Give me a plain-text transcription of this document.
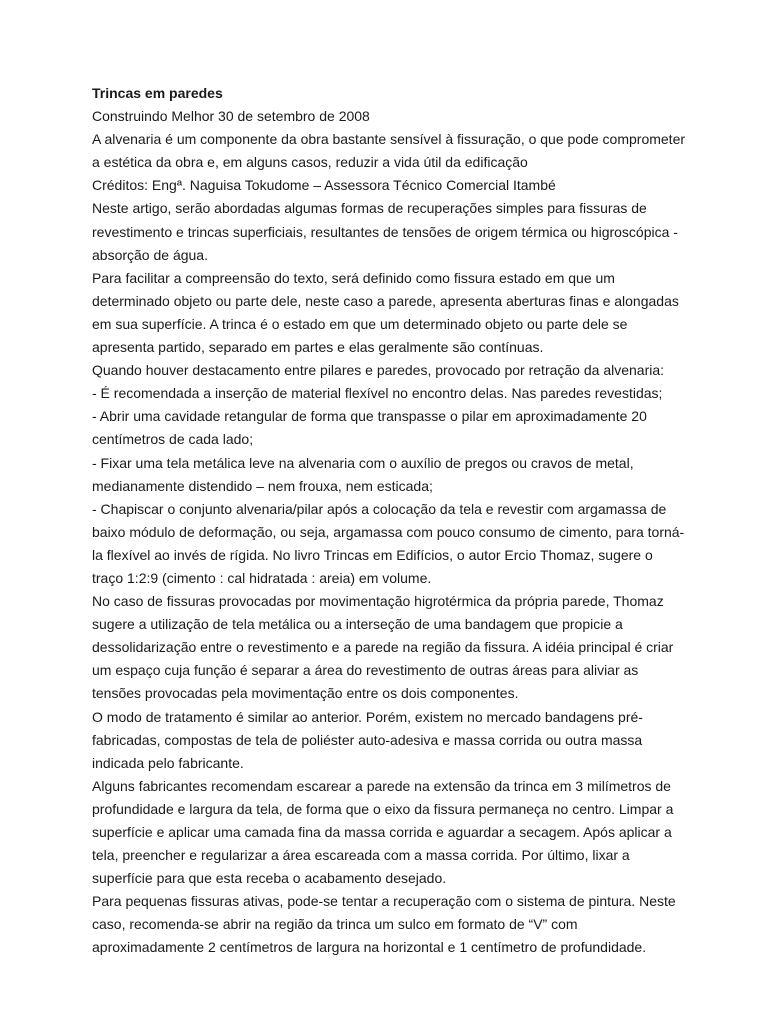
Trincas em paredes
Construindo Melhor 30 de setembro de 2008
A alvenaria é um componente da obra bastante sensível à fissuração, o que pode comprometer
a estética da obra e, em alguns casos, reduzir a vida útil da edificação
Créditos: Engª. Naguisa Tokudome – Assessora Técnico Comercial Itambé
Neste artigo, serão abordadas algumas formas de recuperações simples para fissuras de
revestimento e trincas superficiais, resultantes de tensões de origem térmica ou higroscópica -
absorção de água.
Para facilitar a compreensão do texto, será definido como fissura estado em que um
determinado objeto ou parte dele, neste caso a parede, apresenta aberturas finas e alongadas
em sua superfície. A trinca é o estado em que um determinado objeto ou parte dele se
apresenta partido, separado em partes e elas geralmente são contínuas.
Quando houver destacamento entre pilares e paredes, provocado por retração da alvenaria:
- É recomendada a inserção de material flexível no encontro delas. Nas paredes revestidas;
- Abrir uma cavidade retangular de forma que transpasse o pilar em aproximadamente 20
centímetros de cada lado;
- Fixar uma tela metálica leve na alvenaria com o auxílio de pregos ou cravos de metal,
medianamente distendido – nem frouxa, nem esticada;
- Chapiscar o conjunto alvenaria/pilar após a colocação da tela e revestir com argamassa de
baixo módulo de deformação, ou seja, argamassa com pouco consumo de cimento, para torná-
la flexível ao invés de rígida. No livro Trincas em Edifícios, o autor Ercio Thomaz, sugere o
traço 1:2:9 (cimento : cal hidratada : areia) em volume.
No caso de fissuras provocadas por movimentação higrotérmica da própria parede, Thomaz
sugere a utilização de tela metálica ou a interseção de uma bandagem que propicie a
dessolidarização entre o revestimento e a parede na região da fissura. A idéia principal é criar
um espaço cuja função é separar a área do revestimento de outras áreas para aliviar as
tensões provocadas pela movimentação entre os dois componentes.
O modo de tratamento é similar ao anterior. Porém, existem no mercado bandagens pré-
fabricadas, compostas de tela de poliéster auto-adesiva e massa corrida ou outra massa
indicada pelo fabricante.
Alguns fabricantes recomendam escarear a parede na extensão da trinca em 3 milímetros de
profundidade e largura da tela, de forma que o eixo da fissura permaneça no centro. Limpar a
superfície e aplicar uma camada fina da massa corrida e aguardar a secagem. Após aplicar a
tela, preencher e regularizar a área escareada com a massa corrida. Por último, lixar a
superfície para que esta receba o acabamento desejado.
Para pequenas fissuras ativas, pode-se tentar a recuperação com o sistema de pintura. Neste
caso, recomenda-se abrir na região da trinca um sulco em formato de “V” com
aproximadamente 2 centímetros de largura na horizontal e 1 centímetro de profundidade.
